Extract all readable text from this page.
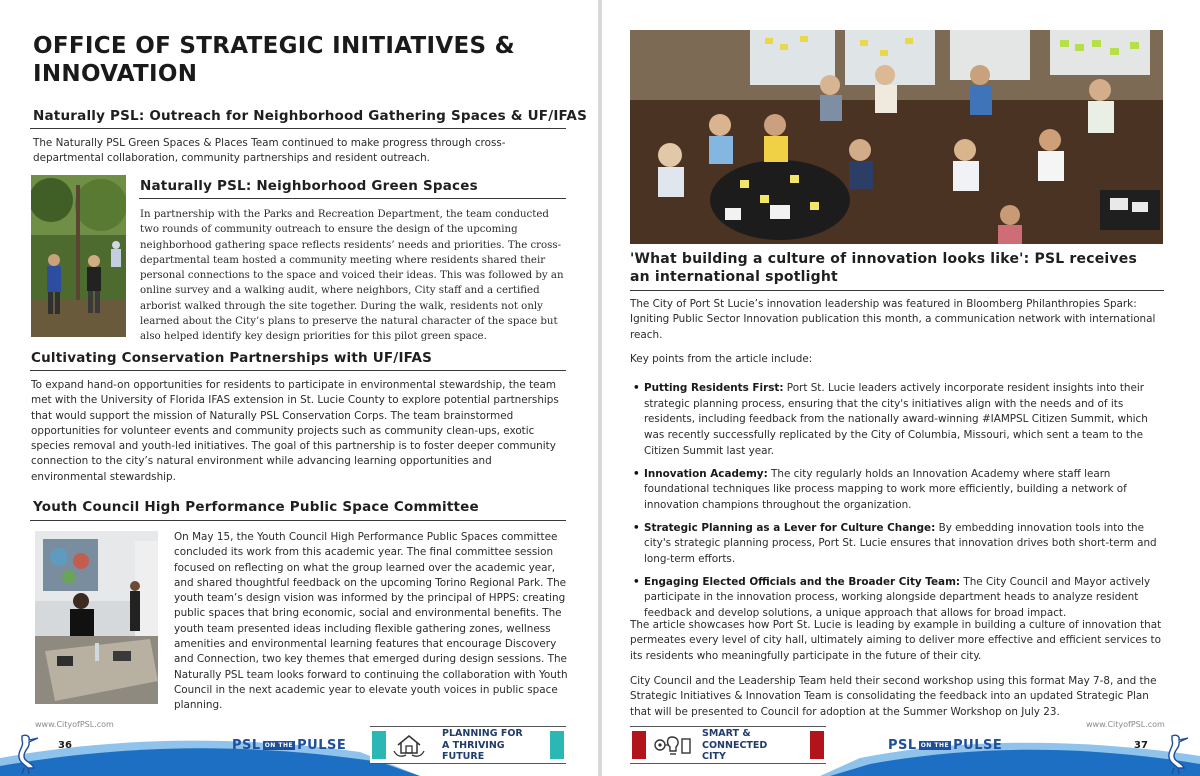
OFFICE OF STRATEGIC INITIATIVES & INNOVATION
Naturally PSL: Outreach for Neighborhood Gathering Spaces & UF/IFAS

The Naturally PSL Green Spaces & Places Team continued to make progress through cross-departmental collaboration, community partnerships and resident outreach.

Naturally PSL: Neighborhood Green Spaces

In partnership with the Parks and Recreation Department, the team conducted two rounds of community outreach to ensure the design of the upcoming neighborhood gathering space reflects residents’ needs and priorities. The cross-departmental team hosted a community meeting where residents shared their personal connections to the space and voiced their ideas. This was followed by an online survey and a walking audit, where neighbors, City staff and a certified arborist walked through the site together. During the walk, residents not only learned about the City’s plans to preserve the natural character of the space but also helped identify key design priorities for this pilot green space.

Cultivating Conservation Partnerships with UF/IFAS

To expand hand-on opportunities for residents to participate in environmental stewardship, the team met with the University of Florida IFAS extension in St. Lucie County to explore potential partnerships that would support the mission of Naturally PSL Conservation Corps. The team brainstormed opportunities for volunteer events and community projects such as community clean-ups, exotic species removal and youth-led initiatives. The goal of this partnership is to foster deeper community connection to the city’s natural environment while advancing learning opportunities and environmental stewardship.

Youth Council High Performance Public Space Committee

On May 15, the Youth Council High Performance Public Spaces committee concluded its work from this academic year. The final committee session focused on reflecting on what the group learned over the academic year, and shared thoughtful feedback on the upcoming Torino Regional Park. The youth team’s design vision was informed by the principal of HPPS: creating public spaces that bring economic, social and environmental benefits. The youth team presented ideas including flexible gathering zones, wellness amenities and environmental learning features that encourage Discovery and Connection, two key themes that emerged during design sessions. The Naturally PSL team looks forward to continuing the collaboration with Youth Council in the next academic year to elevate youth voices in public space planning.

www.CityofPSL.com
'What building a culture of innovation looks like': PSL receives an international spotlight

The City of Port St Lucie’s innovation leadership was featured in Bloomberg Philanthropies Spark: Igniting Public Sector Innovation publication this month, a communication network with international reach.

Key points from the article include:

• Putting Residents First: Port St. Lucie leaders actively incorporate resident insights into their strategic planning process, ensuring that the city's initiatives align with the needs and of its residents, including feedback from the nationally award-winning #IAMPSL Citizen Summit, which was recently successfully replicated by the City of Columbia, Missouri, which sent a team to the Citizen Summit last year.
• Innovation Academy: The city regularly holds an Innovation Academy where staff learn foundational techniques like process mapping to work more efficiently, building a network of innovation champions throughout the organization.
• Strategic Planning as a Lever for Culture Change: By embedding innovation tools into the city's strategic planning process, Port St. Lucie ensures that innovation drives both short-term and long-term efforts.
• Engaging Elected Officials and the Broader City Team: The City Council and Mayor actively participate in the innovation process, working alongside department heads to analyze resident feedback and develop solutions, a unique approach that allows for broad impact.

The article showcases how Port St. Lucie is leading by example in building a culture of innovation that permeates every level of city hall, ultimately aiming to deliver more effective and efficient services to its residents who meaningfully participate in the future of their city.

City Council and the Leadership Team held their second workshop using this format May 7-8, and the Strategic Initiatives & Innovation Team is consolidating the feedback into an updated Strategic Plan that will be presented to Council for adoption at the Summer Workshop on July 23.

www.CityofPSL.com
36	37
PSL ON THE PULSE	PSL ON THE PULSE
PLANNING FOR
A THRIVING
FUTURE
SMART &
CONNECTED
CITY
